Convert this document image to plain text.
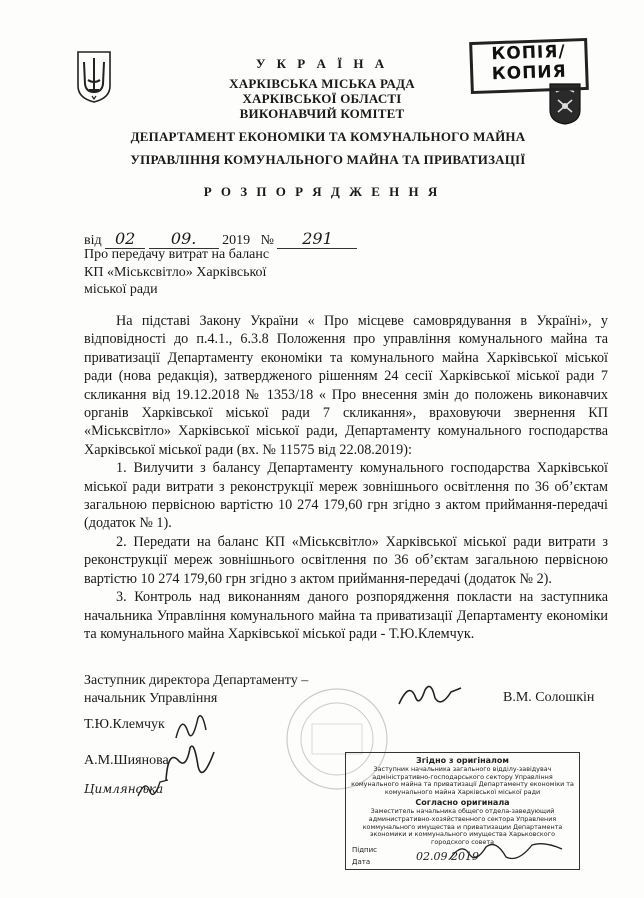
КОПІЯ/
КОПИЯ
У К Р А Ї Н А
ХАРКІВСЬКА МІСЬКА РАДА
ХАРКІВСЬКОЇ ОБЛАСТІ
ВИКОНАВЧИЙ КОМІТЕТ
ДЕПАРТАМЕНТ ЕКОНОМІКИ ТА КОМУНАЛЬНОГО МАЙНА
УПРАВЛІННЯ КОМУНАЛЬНОГО МАЙНА ТА ПРИВАТИЗАЦІЇ
Р О З П О Р Я Д Ж Е Н Н Я
від 02 09. 2019 № 291
Про передачу витрат на баланс
КП «Міськсвітло» Харківської
міської ради

На підставі Закону України « Про місцеве самоврядування в Україні», у відповідності до п.4.1., 6.3.8 Положення про управління комунального майна та приватизації Департаменту економіки та комунального майна Харківської міської ради (нова редакція), затвердженого рішенням 24 сесії Харківської міської ради 7 скликання від 19.12.2018 № 1353/18 « Про внесення змін до положень виконавчих органів Харківської міської ради 7 скликання», враховуючи звернення КП «Міськсвітло» Харківської міської ради, Департаменту комунального господарства Харківської міської ради (вх. № 11575 від 22.08.2019):

1. Вилучити з балансу Департаменту комунального господарства Харківської міської ради витрати з реконструкції мереж зовнішнього освітлення по 36 об’єктам загальною первісною вартістю 10 274 179,60 грн згідно з актом приймання-передачі (додаток № 1).

2. Передати на баланс КП «Міськсвітло» Харківської міської ради витрати з реконструкції мереж зовнішнього освітлення по 36 об’єктам загальною первісною вартістю 10 274 179,60 грн згідно з актом приймання-передачі (додаток № 2).

3. Контроль над виконанням даного розпорядження покласти на заступника начальника Управління комунального майна та приватизації Департаменту економіки та комунального майна Харківської міської ради - Т.Ю.Клемчук.

Заступник директора Департаменту –
начальник Управління	В.М. Солошкін
Т.Ю.Клемчук
А.М.Шиянова
Цимлянська
Згідно з оригіналом
Заступник начальника загального відділу-завідувач адміністративно-господарського сектору Управління комунального майна та приватизації Департаменту економіки та комунального майна Харківської міської ради
Согласно оригинала
Заместитель начальника общего отдела-заведующий административно-хозяйственного сектора Управления коммунального имущества и приватизации Департамента экономики и коммунального имущества Харьковского городского совета
Підпис
Дата	02.09.2019
